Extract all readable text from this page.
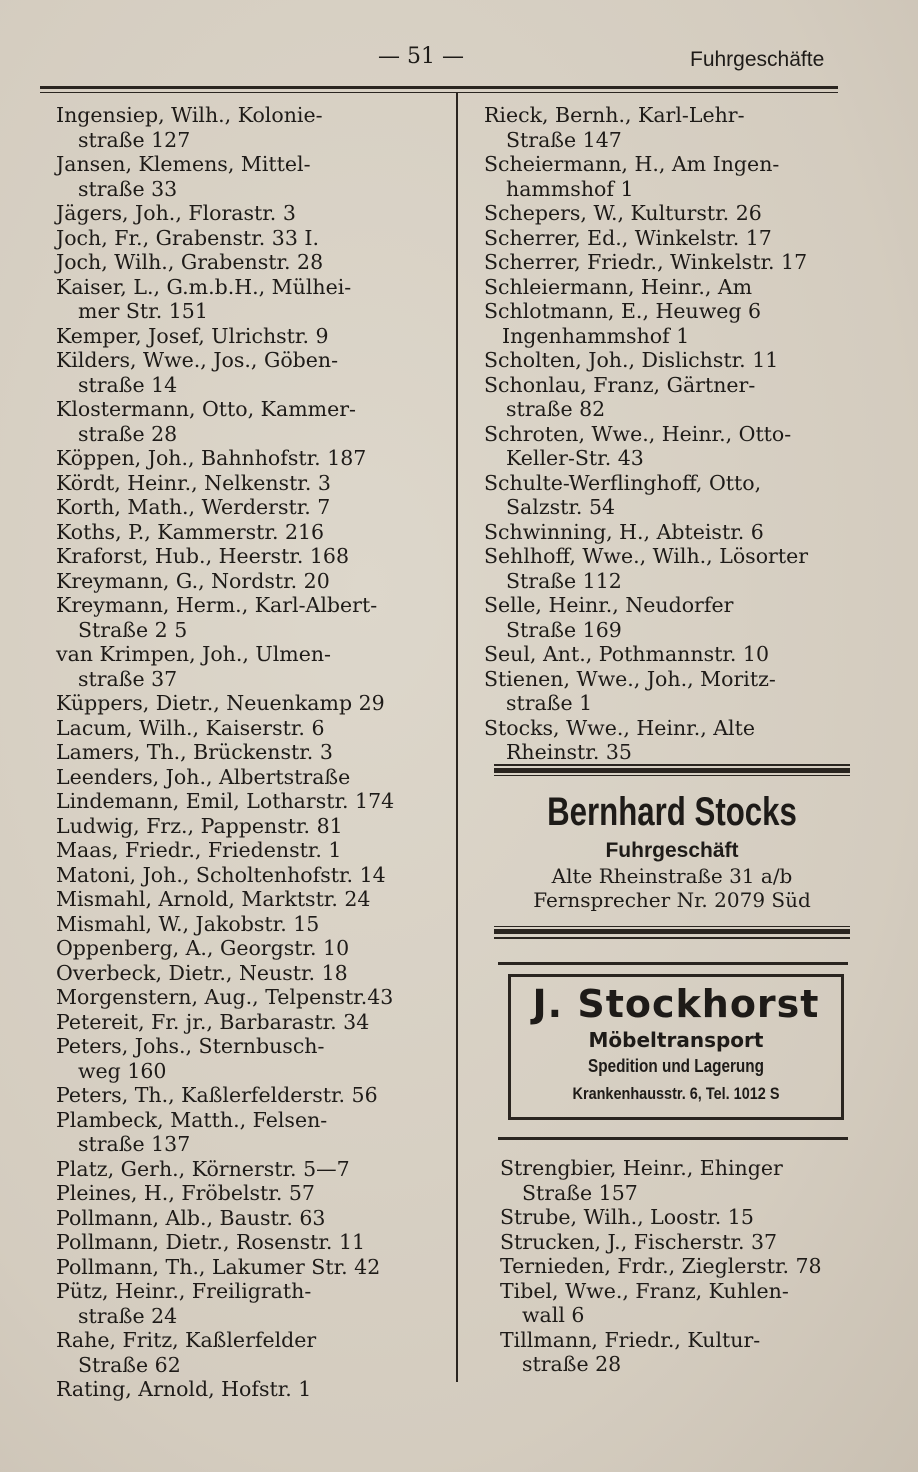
— 51 —	Fuhrgeschäfte
Ingensiep, Wilh., Kolonie-
straße 127
Jansen, Klemens, Mittel-
straße 33
Jägers, Joh., Florastr. 3
Joch, Fr., Grabenstr. 33 I.
Joch, Wilh., Grabenstr. 28
Kaiser, L., G.m.b.H., Mülhei-
mer Str. 151
Kemper, Josef, Ulrichstr. 9
Kilders, Wwe., Jos., Göben-
straße 14
Klostermann, Otto, Kammer-
straße 28
Köppen, Joh., Bahnhofstr. 187
Kördt, Heinr., Nelkenstr. 3
Korth, Math., Werderstr. 7
Koths, P., Kammerstr. 216
Kraforst, Hub., Heerstr. 168
Kreymann, G., Nordstr. 20
Kreymann, Herm., Karl-Albert-
Straße 2 5
van Krimpen, Joh., Ulmen-
straße 37
Küppers, Dietr., Neuenkamp 29
Lacum, Wilh., Kaiserstr. 6
Lamers, Th., Brückenstr. 3
Leenders, Joh., Albertstraße
Lindemann, Emil, Lotharstr. 174
Ludwig, Frz., Pappenstr. 81
Maas, Friedr., Friedenstr. 1
Matoni, Joh., Scholtenhofstr. 14
Mismahl, Arnold, Marktstr. 24
Mismahl, W., Jakobstr. 15
Oppenberg, A., Georgstr. 10
Overbeck, Dietr., Neustr. 18
Morgenstern, Aug., Telpenstr.43
Petereit, Fr. jr., Barbarastr. 34
Peters, Johs., Sternbusch-
weg 160
Peters, Th., Kaßlerfelderstr. 56
Plambeck, Matth., Felsen-
straße 137
Platz, Gerh., Körnerstr. 5—7
Pleines, H., Fröbelstr. 57
Pollmann, Alb., Baustr. 63
Pollmann, Dietr., Rosenstr. 11
Pollmann, Th., Lakumer Str. 42
Pütz, Heinr., Freiligrath-
straße 24
Rahe, Fritz, Kaßlerfelder
Straße 62
Rating, Arnold, Hofstr. 1
Rieck, Bernh., Karl-Lehr-
Straße 147
Scheiermann, H., Am Ingen-
hammshof 1
Schepers, W., Kulturstr. 26
Scherrer, Ed., Winkelstr. 17
Scherrer, Friedr., Winkelstr. 17
Schleiermann, Heinr., Am
Schlotmann, E., Heuweg 6
Ingenhammshof 1
Scholten, Joh., Dislichstr. 11
Schonlau, Franz, Gärtner-
straße 82
Schroten, Wwe., Heinr., Otto-
Keller-Str. 43
Schulte-Werflinghoff, Otto,
Salzstr. 54
Schwinning, H., Abteistr. 6
Sehlhoff, Wwe., Wilh., Lösorter
Straße 112
Selle, Heinr., Neudorfer
Straße 169
Seul, Ant., Pothmannstr. 10
Stienen, Wwe., Joh., Moritz-
straße 1
Stocks, Wwe., Heinr., Alte
Rheinstr. 35
Bernhard Stocks
Fuhrgeschäft
Alte Rheinstraße 31 a/b
Fernsprecher Nr. 2079 Süd
J. Stockhorst
Möbeltransport
Spedition und Lagerung
Krankenhausstr. 6, Tel. 1012 S
Strengbier, Heinr., Ehinger
Straße 157
Strube, Wilh., Loostr. 15
Strucken, J., Fischerstr. 37
Ternieden, Frdr., Zieglerstr. 78
Tibel, Wwe., Franz, Kuhlen-
wall 6
Tillmann, Friedr., Kultur-
straße 28
